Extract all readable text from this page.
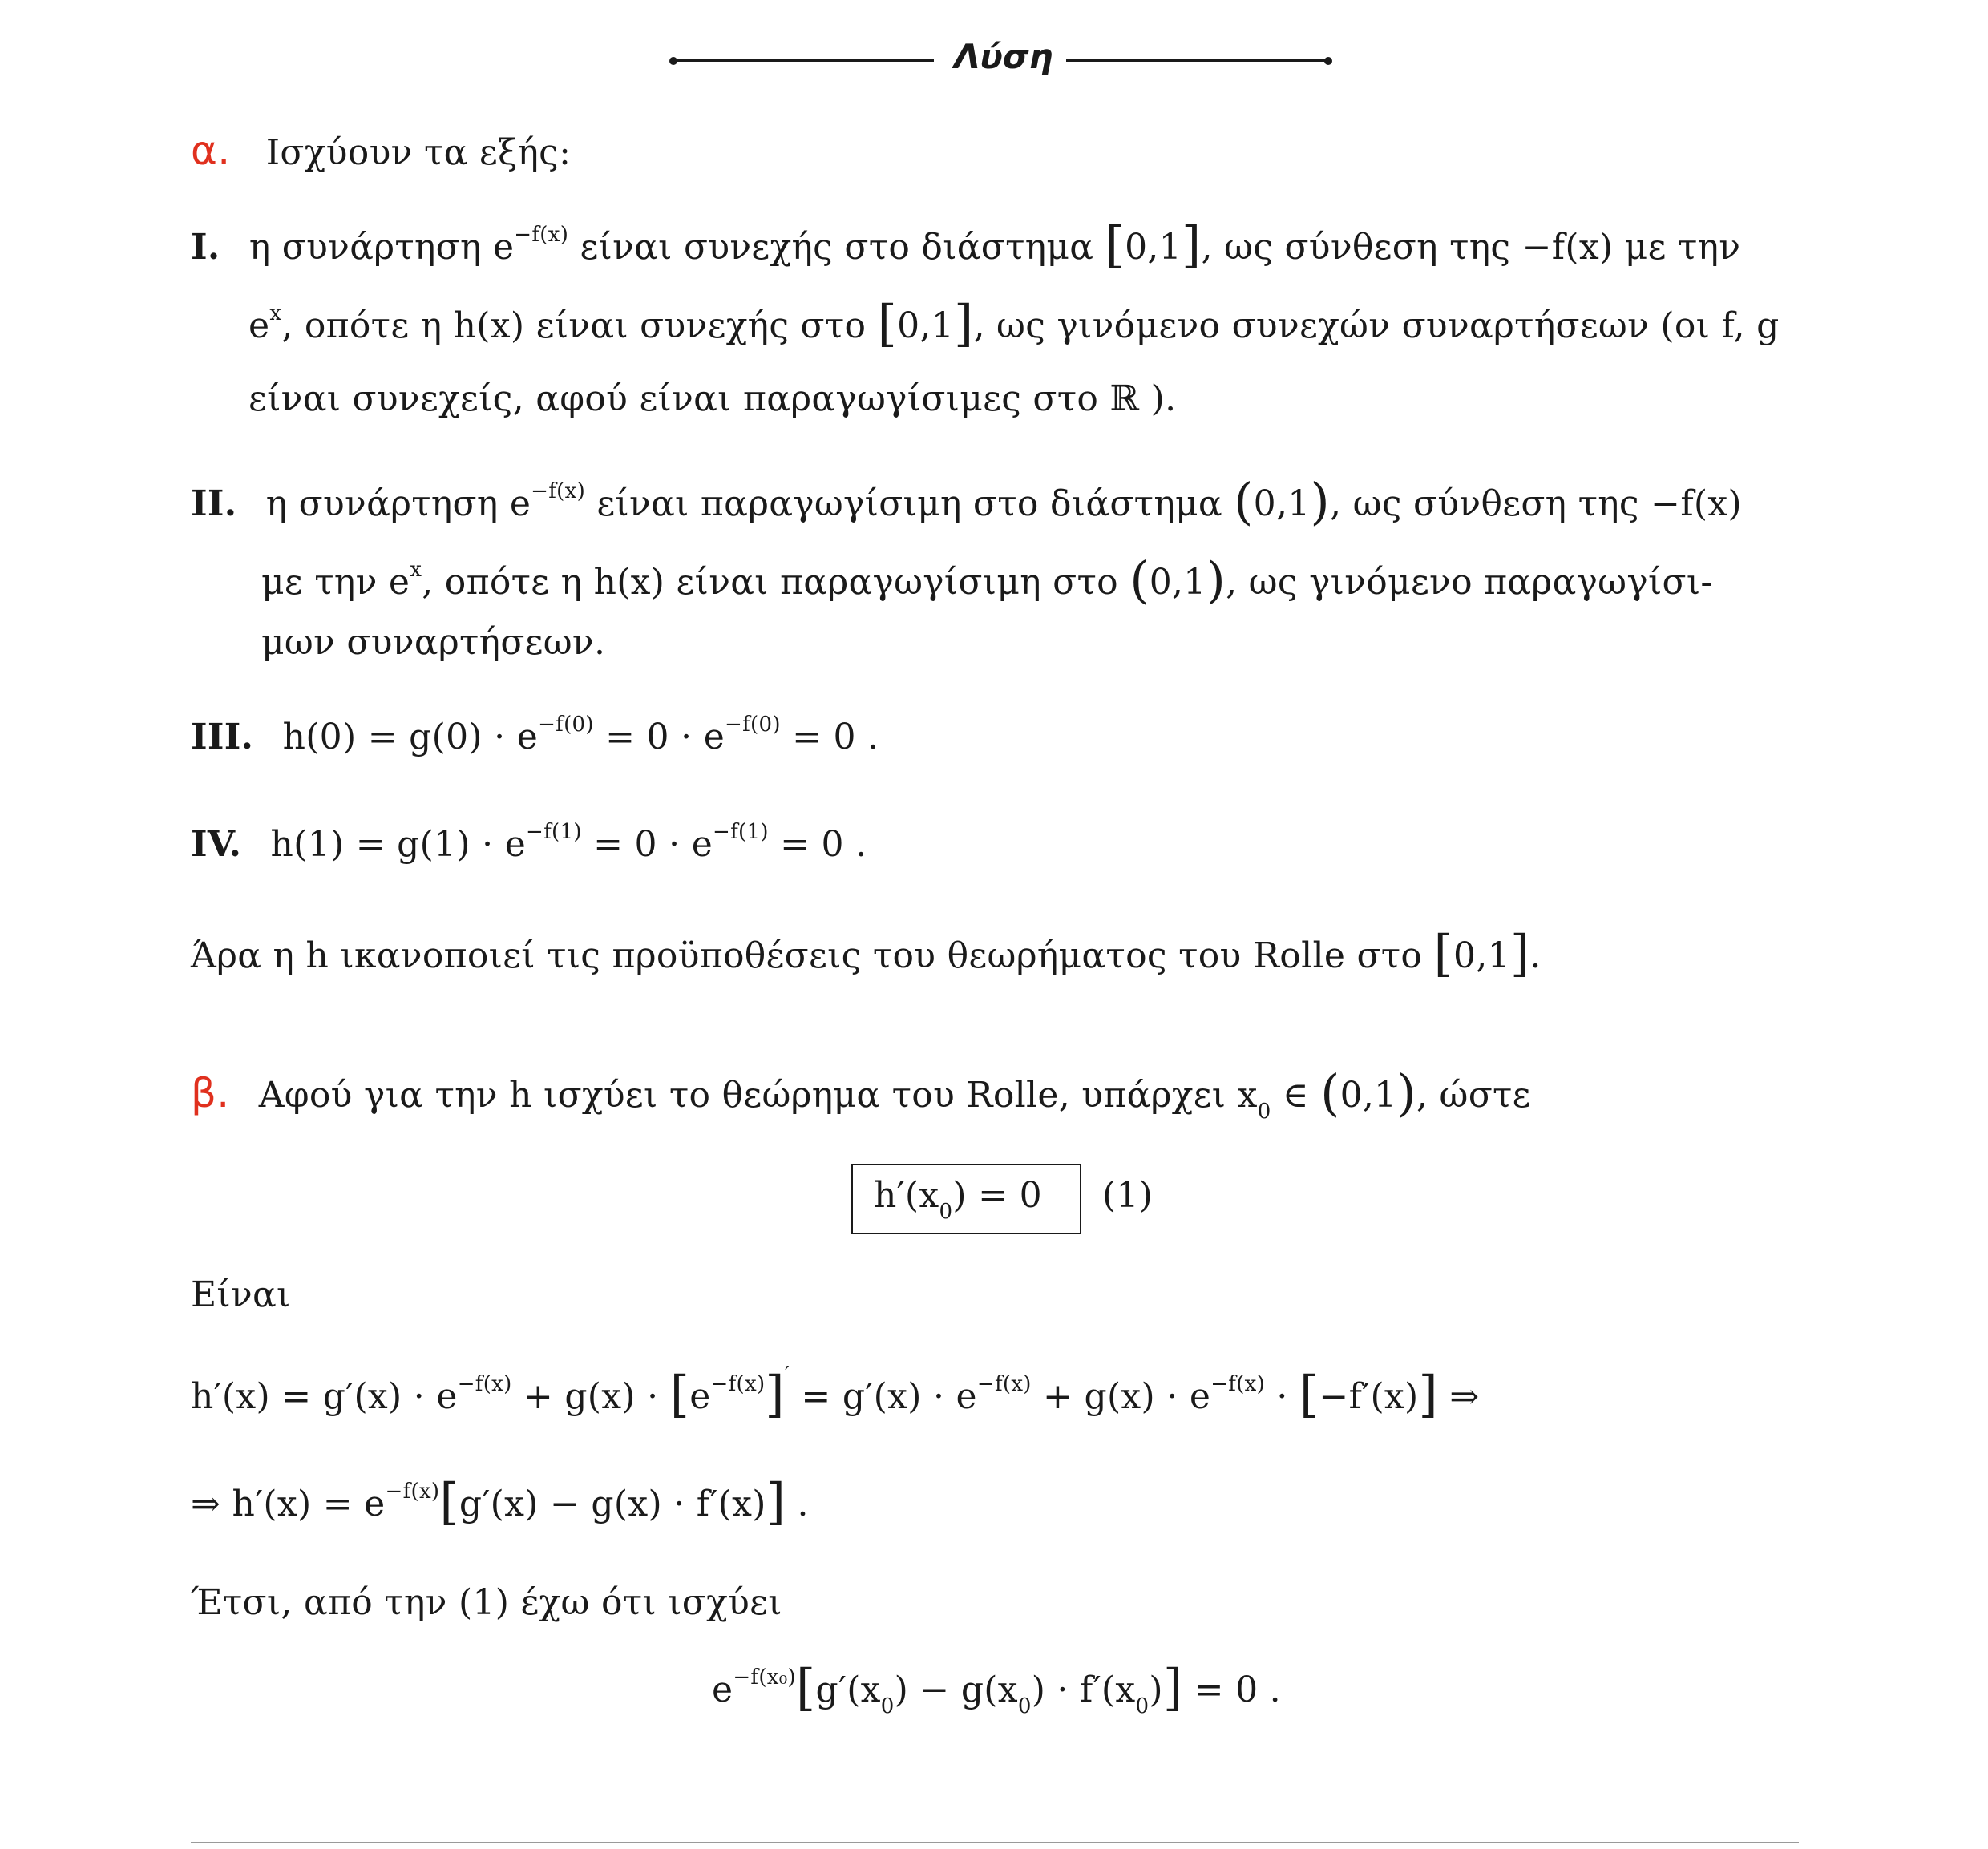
Λύση
α. Ισχύουν τα εξής:
I. η συνάρτηση $e^{-f(x)}$ είναι συνεχής στο διάστημα [0,1], ως σύνθεση της −f(x) με την
$e^x$, οπότε η h(x) είναι συνεχής στο [0,1], ως γινόμενο συνεχών συναρτήσεων (οι f, g
είναι συνεχείς, αφού είναι παραγωγίσιμες στο ℝ ).
II. η συνάρτηση $e^{-f(x)}$ είναι παραγωγίσιμη στο διάστημα (0,1), ως σύνθεση της −f(x)
με την $e^x$, οπότε η h(x) είναι παραγωγίσιμη στο (0,1), ως γινόμενο παραγωγίσι-
μων συναρτήσεων.
III. $h(0) = g(0) \cdot e^{-f(0)} = 0 \cdot e^{-f(0)} = 0$ .
IV. $h(1) = g(1) \cdot e^{-f(1)} = 0 \cdot e^{-f(1)} = 0$ .
Άρα η h ικανοποιεί τις προϋποθέσεις του θεωρήματος του Rolle στο [0,1].
β. Αφού για την h ισχύει το θεώρημα του Rolle, υπάρχει $x_0$ ∈ (0,1), ώστε
$h'(x_0) = 0$ (1)
Είναι
$h'(x) = g'(x) \cdot e^{-f(x)} + g(x) \cdot [e^{-f(x)}]' = g'(x) \cdot e^{-f(x)} + g(x) \cdot e^{-f(x)} \cdot [-f'(x)]$ ⇒
⇒ $h'(x) = e^{-f(x)}[g'(x) - g(x) \cdot f'(x)]$ .
Έτσι, από την (1) έχω ότι ισχύει
$e^{-f(x_0)}[g'(x_0) - g(x_0) \cdot f'(x_0)] = 0$ .
